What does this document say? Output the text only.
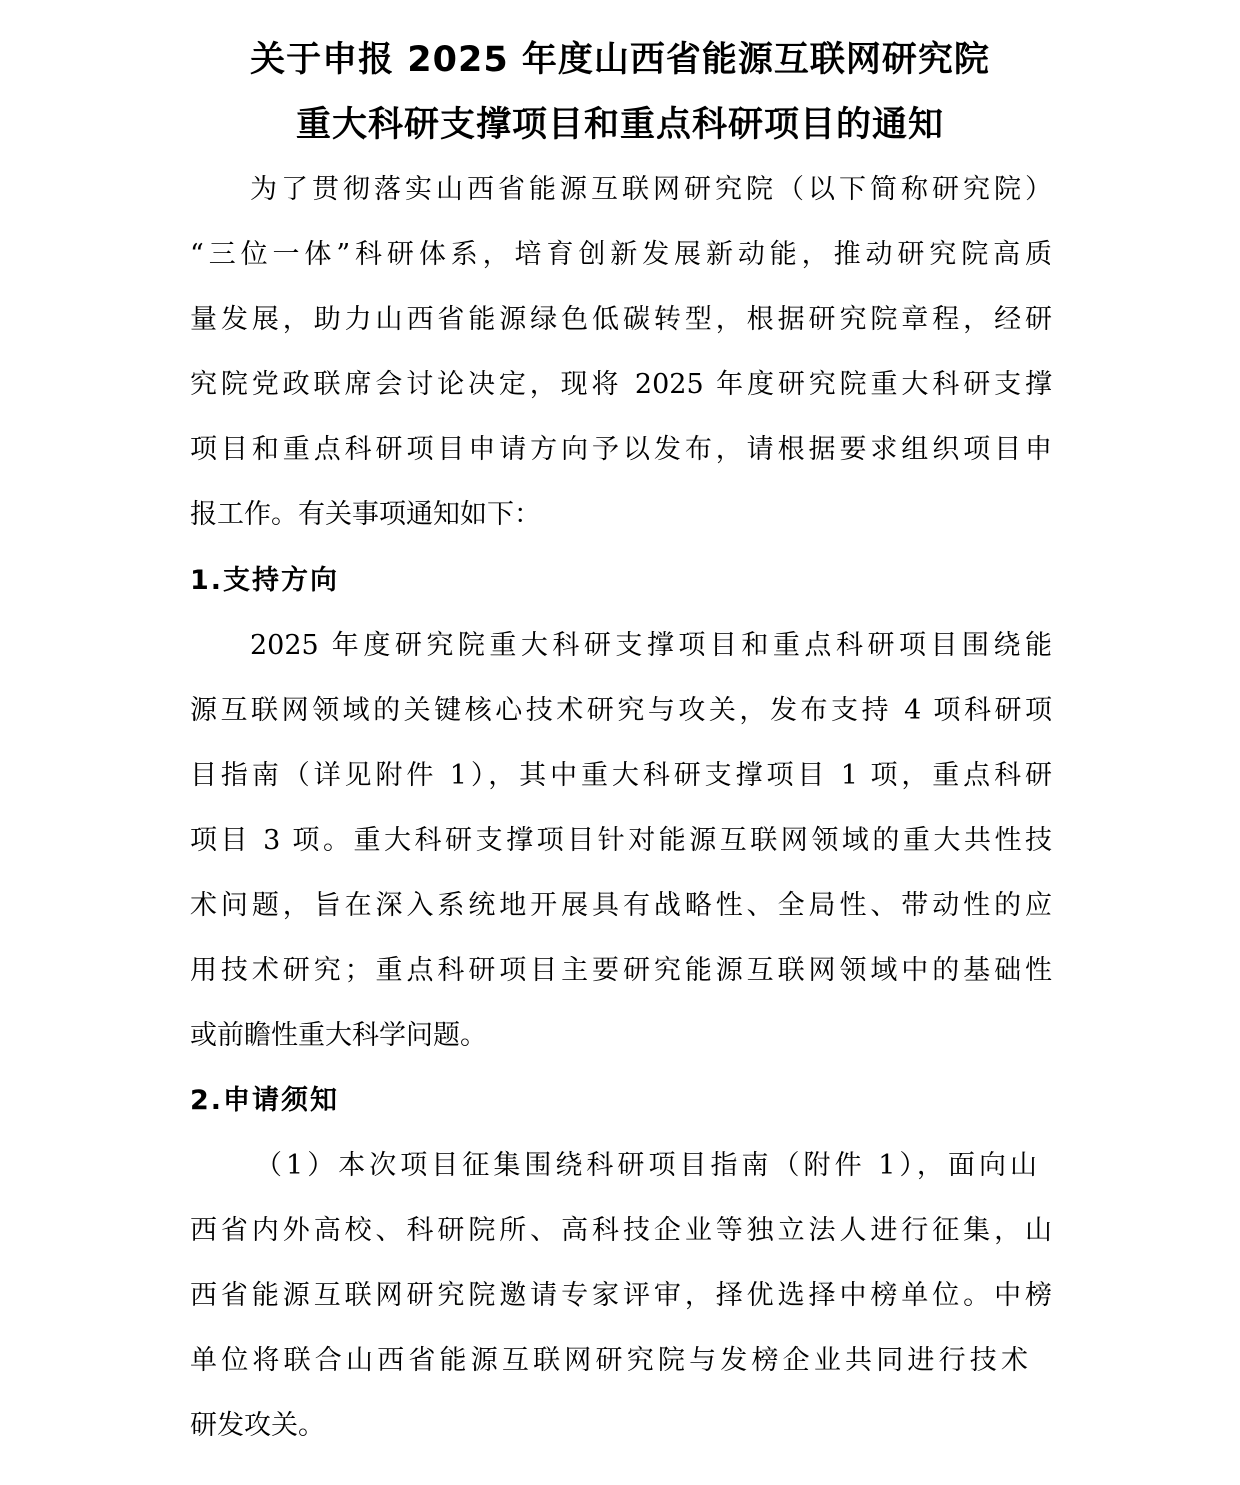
关于申报 2025 年度山西省能源互联网研究院
重大科研支撑项目和重点科研项目的通知
为了贯彻落实山西省能源互联网研究院（以下简称研究院）
“三位一体”科研体系，培育创新发展新动能，推动研究院高质
量发展，助力山西省能源绿色低碳转型，根据研究院章程，经研
究院党政联席会讨论决定，现将 2025 年度研究院重大科研支撑
项目和重点科研项目申请方向予以发布，请根据要求组织项目申
报工作。有关事项通知如下：
1.支持方向
2025 年度研究院重大科研支撑项目和重点科研项目围绕能
源互联网领域的关键核心技术研究与攻关，发布支持 4 项科研项
目指南（详见附件 1），其中重大科研支撑项目 1 项，重点科研
项目 3 项。重大科研支撑项目针对能源互联网领域的重大共性技
术问题，旨在深入系统地开展具有战略性、全局性、带动性的应
用技术研究；重点科研项目主要研究能源互联网领域中的基础性
或前瞻性重大科学问题。
2.申请须知
（1）本次项目征集围绕科研项目指南（附件 1），面向山
西省内外高校、科研院所、高科技企业等独立法人进行征集，山
西省能源互联网研究院邀请专家评审，择优选择中榜单位。中榜
单位将联合山西省能源互联网研究院与发榜企业共同进行技术
研发攻关。
